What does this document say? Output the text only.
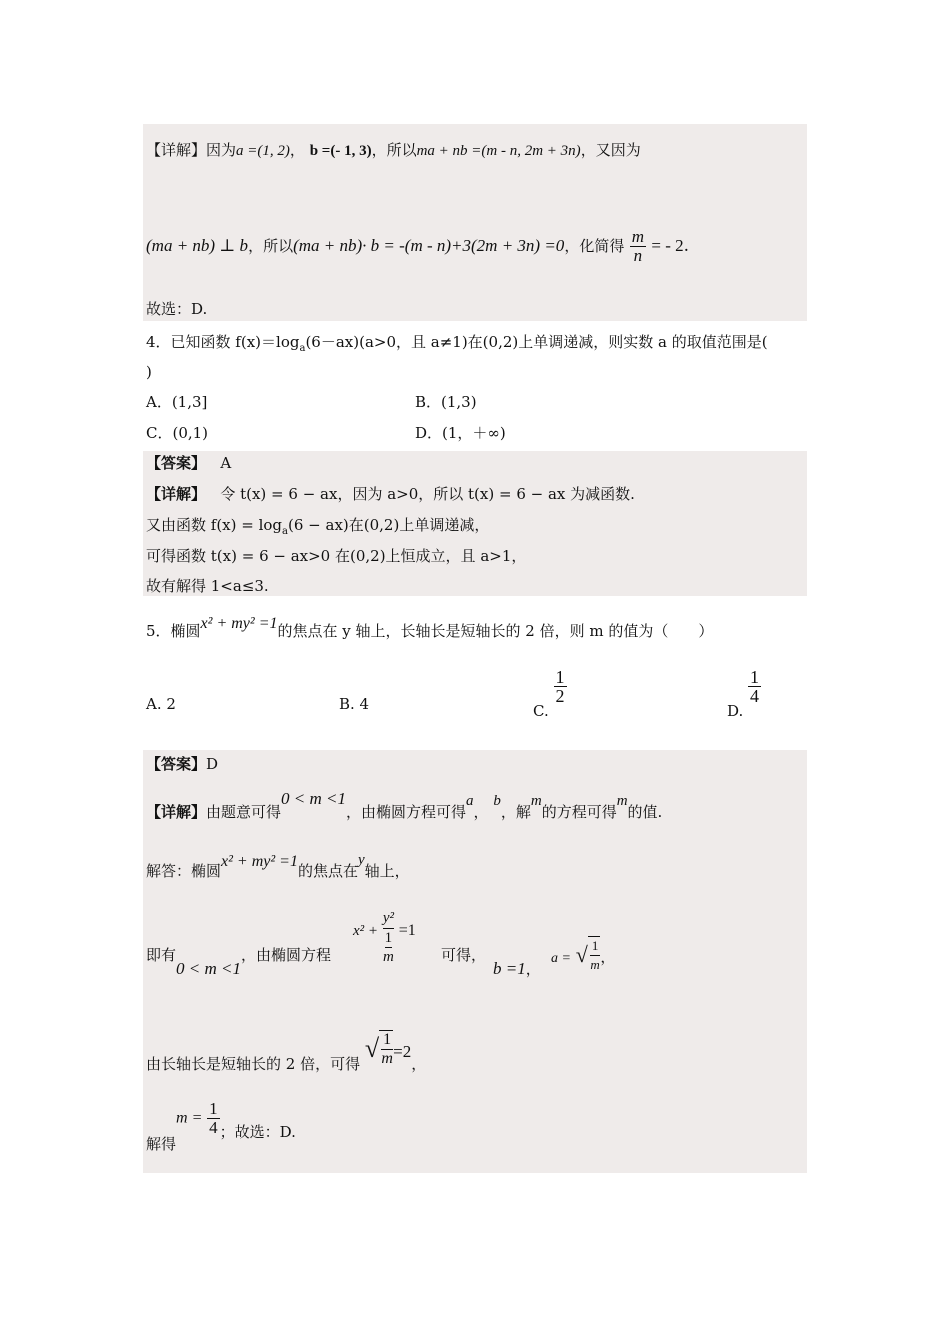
【详解】因为a =(1, 2)， b =(- 1, 3)，所以ma + nb =(m - n, 2m + 3n)，又因为
(ma + nb) ⊥ b，所以(ma + nb)· b = -(m - n)+3(2m + 3n) =0，化简得 $\frac{m}{n}$ = - 2.
故选：D.
4．已知函数 $f(x)=\log_a(6-ax)(a>0$，且 a≠1)在(0,2)上单调递减，则实数 a 的取值范围是(
)
A．(1,3]	B．(1,3)
C．(0,1)	D．(1，＋∞)
【答案】 A
【详解】 令 t(x) = 6 − ax，因为 a>0，所以 t(x) = 6 − ax 为减函数.
又由函数 $f(x) = \log_a(6 - ax)$在(0,2)上单调递减，
可得函数 t(x) = 6 − ax>0 在(0,2)上恒成立，且 a>1，
故有解得 1<a≤3.
5．椭圆x² + my² =1的焦点在 y 轴上，长轴长是短轴长的 2 倍，则 m 的值为（　　）
A. 2	B. 4	C.
$\frac{1}{2}$
D.
$\frac{1}{4}$
【答案】D
【详解】由题意可得0 < m <1，由椭圆方程可得a， b，解m的方程可得m的值.
解答：椭圆x² + my² =1的焦点在y轴上，
即有0 < m <1，由椭圆方程
$x^2 + \frac{\text{y²}}{\frac{1}{m}} =1$
可得，
b =1，
a = √ $\frac{1}{m}$ ，
由长轴长是短轴长的 2 倍，可得
√ $\frac{1}{m} =2$，
解得$m = \frac{1}{4}$ ；故选：D.
